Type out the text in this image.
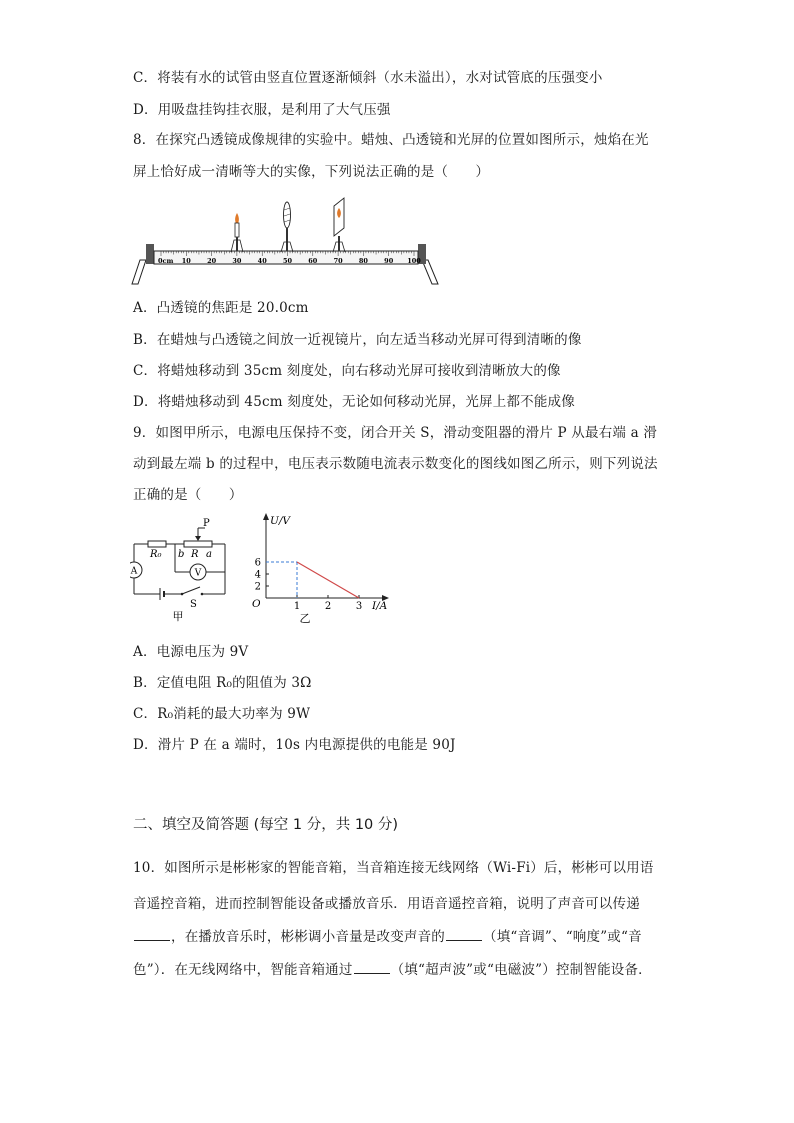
C．将装有水的试管由竖直位置逐渐倾斜（水未溢出），水对试管底的压强变小
D．用吸盘挂钩挂衣服，是利用了大气压强
8．在探究凸透镜成像规律的实验中。蜡烛、凸透镜和光屏的位置如图所示，烛焰在光
屏上恰好成一清晰等大的实像，下列说法正确的是（　　）
0cm 10	20	30	40	50	60	70	80	90 100
A．凸透镜的焦距是 20.0cm
B．在蜡烛与凸透镜之间放一近视镜片，向左适当移动光屏可得到清晰的像
C．将蜡烛移动到 35cm 刻度处，向右移动光屏可接收到清晰放大的像
D．将蜡烛移动到 45cm 刻度处，无论如何移动光屏，光屏上都不能成像
9．如图甲所示，电源电压保持不变，闭合开关 S，滑动变阻器的滑片 P 从最右端 a 滑
动到最左端 b 的过程中，电压表示数随电流表示数变化的图线如图乙所示，则下列说法
正确的是（　　）
P
R₀ b R a
A	V
S
甲
2
4
6
1 2 3
U/V
I/A
O
乙
A．电源电压为 9V
B．定值电阻 R₀的阻值为 3Ω
C．R₀消耗的最大功率为 9W
D．滑片 P 在 a 端时，10s 内电源提供的电能是 90J
二、填空及简答题 (每空 1 分，共 10 分)
10．如图所示是彬彬家的智能音箱，当音箱连接无线网络（Wi-Fi）后，彬彬可以用语
音遥控音箱，进而控制智能设备或播放音乐．用语音遥控音箱，说明了声音可以传递
，在播放音乐时，彬彬调小音量是改变声音的	（填“音调”、“响度”或“音
色”）．在无线网络中，智能音箱通过	（填“超声波”或“电磁波”）控制智能设备．
